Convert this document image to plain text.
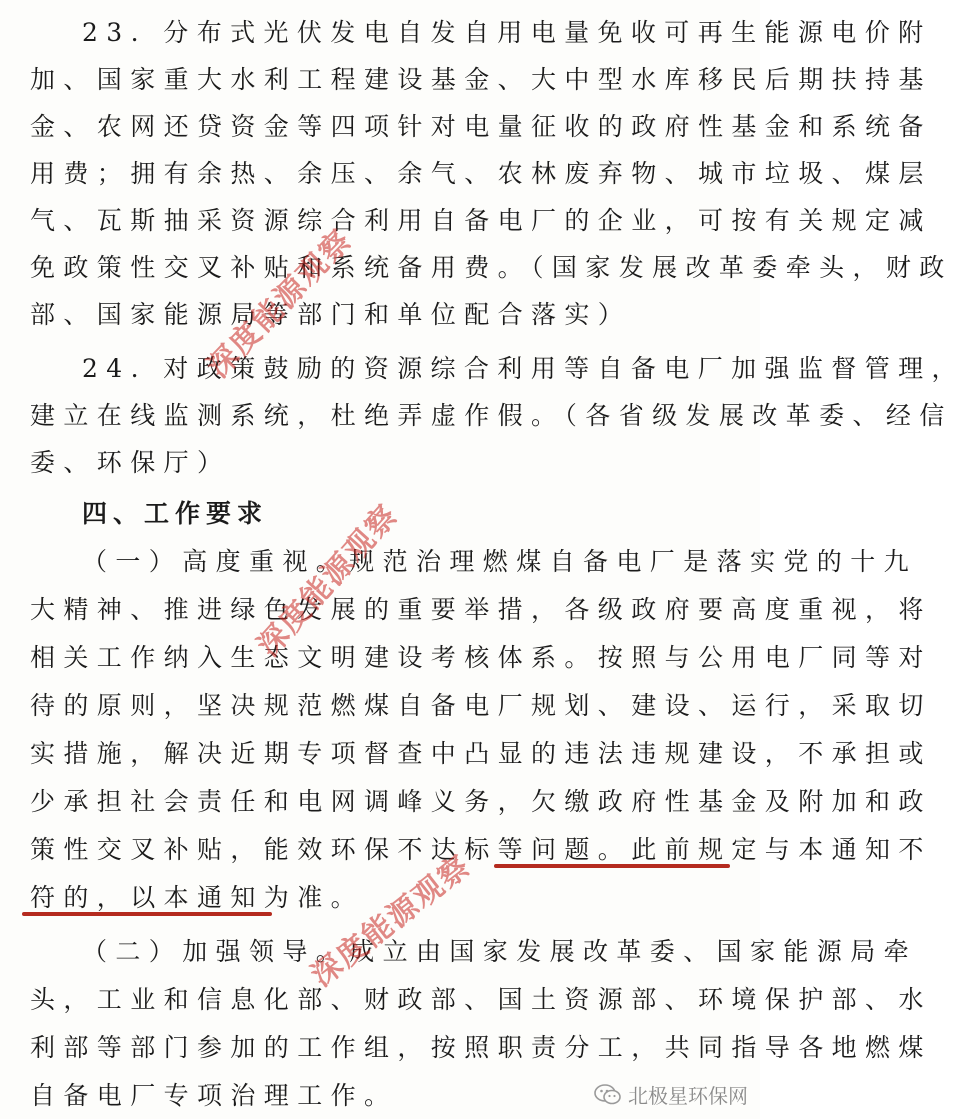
23. 分布式光伏发电自发自用电量免收可再生能源电价附
加、国家重大水利工程建设基金、大中型水库移民后期扶持基
金、农网还贷资金等四项针对电量征收的政府性基金和系统备
用费；拥有余热、余压、余气、农林废弃物、城市垃圾、煤层
气、瓦斯抽采资源综合利用自备电厂的企业，可按有关规定减
免政策性交叉补贴和系统备用费。（国家发展改革委牵头，财政
部、国家能源局等部门和单位配合落实）
24. 对政策鼓励的资源综合利用等自备电厂加强监督管理，
建立在线监测系统，杜绝弄虚作假。（各省级发展改革委、经信
委、环保厅）
四、工作要求
（一）高度重视。规范治理燃煤自备电厂是落实党的十九
大精神、推进绿色发展的重要举措，各级政府要高度重视，将
相关工作纳入生态文明建设考核体系。按照与公用电厂同等对
待的原则，坚决规范燃煤自备电厂规划、建设、运行，采取切
实措施，解决近期专项督查中凸显的违法违规建设，不承担或
少承担社会责任和电网调峰义务，欠缴政府性基金及附加和政
策性交叉补贴，能效环保不达标等问题。此前规定与本通知不
符的，以本通知为准。
（二）加强领导。成立由国家发展改革委、国家能源局牵
头，工业和信息化部、财政部、国土资源部、环境保护部、水
利部等部门参加的工作组，按照职责分工，共同指导各地燃煤
自备电厂专项治理工作。
深度能源观察
深度能源观察
深度能源观察
北极星环保网
